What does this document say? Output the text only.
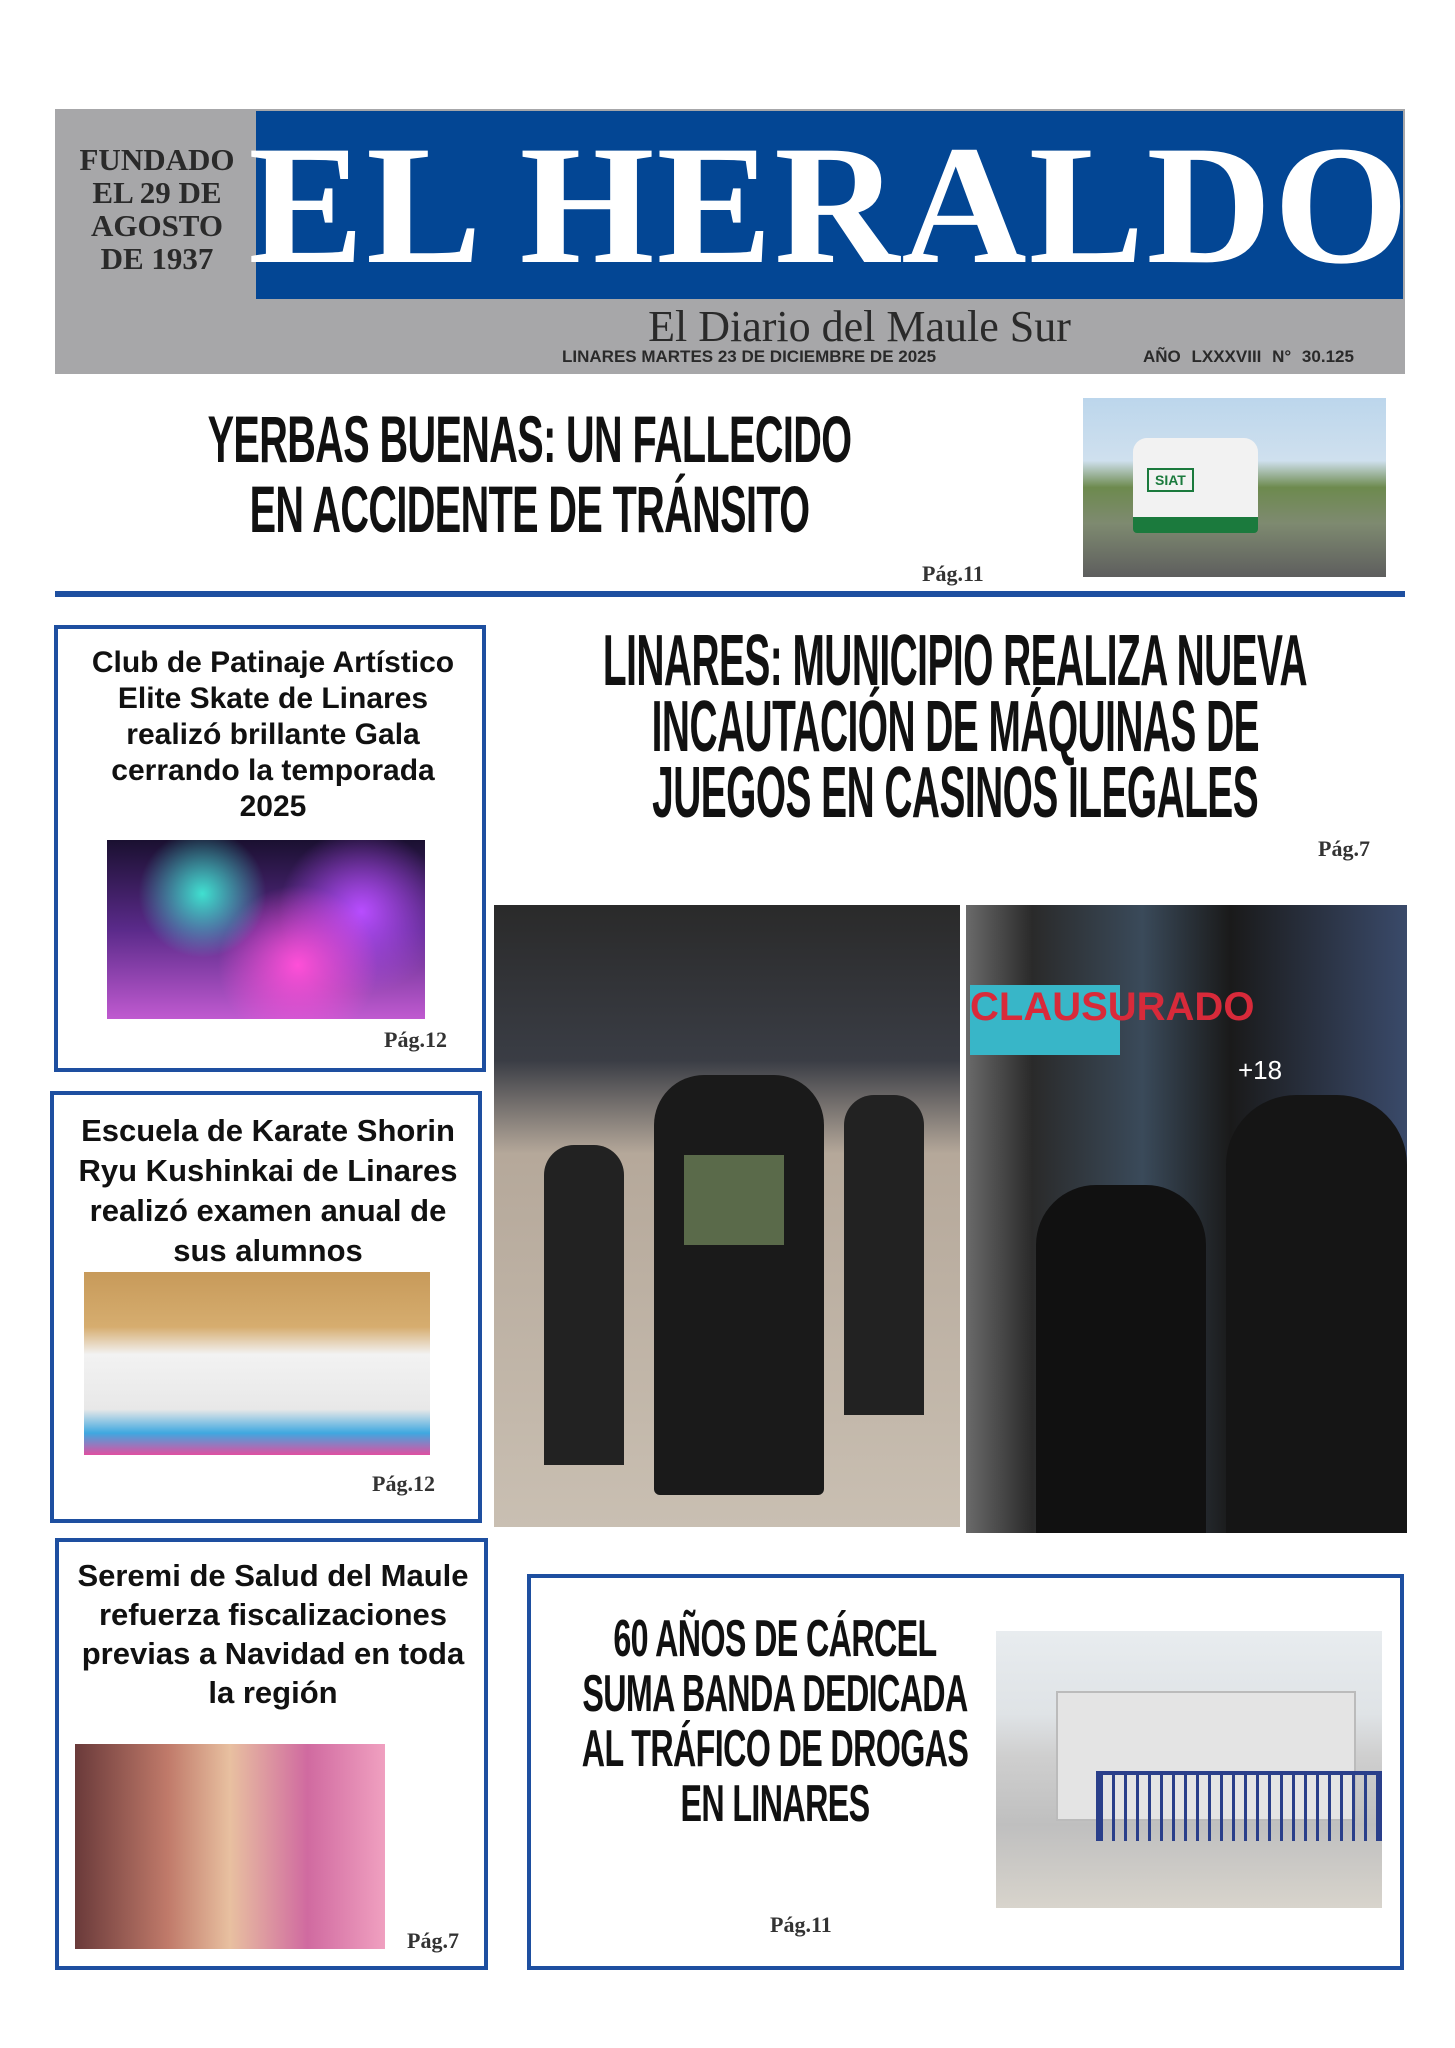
FUNDADO EL 29 DE AGOSTO DE 1937 EL HERALDO
El Diario del Maule Sur
LINARES MARTES 23 DE DICIEMBRE DE 2025	AÑO LXXXVIII N° 30.125
YERBAS BUENAS: UN FALLECIDO
EN ACCIDENTE DE TRÁNSITO
Pág.11
SIAT
Club de Patinaje Artístico Elite Skate de Linares realizó brillante Gala cerrando la temporada 2025
Pág.12
Escuela de Karate Shorin Ryu Kushinkai de Linares realizó examen anual de sus alumnos
Pág.12
Seremi de Salud del Maule refuerza fiscalizaciones previas a Navidad en toda la región
Pág.7
LINARES: MUNICIPIO REALIZA NUEVA
INCAUTACIÓN DE MÁQUINAS DE
JUEGOS EN CASINOS ILEGALES
Pág.7
CLAUSURADO
+18
60 AÑOS DE CÁRCEL SUMA BANDA DEDICADA AL TRÁFICO DE DROGAS EN LINARES
Pág.11
